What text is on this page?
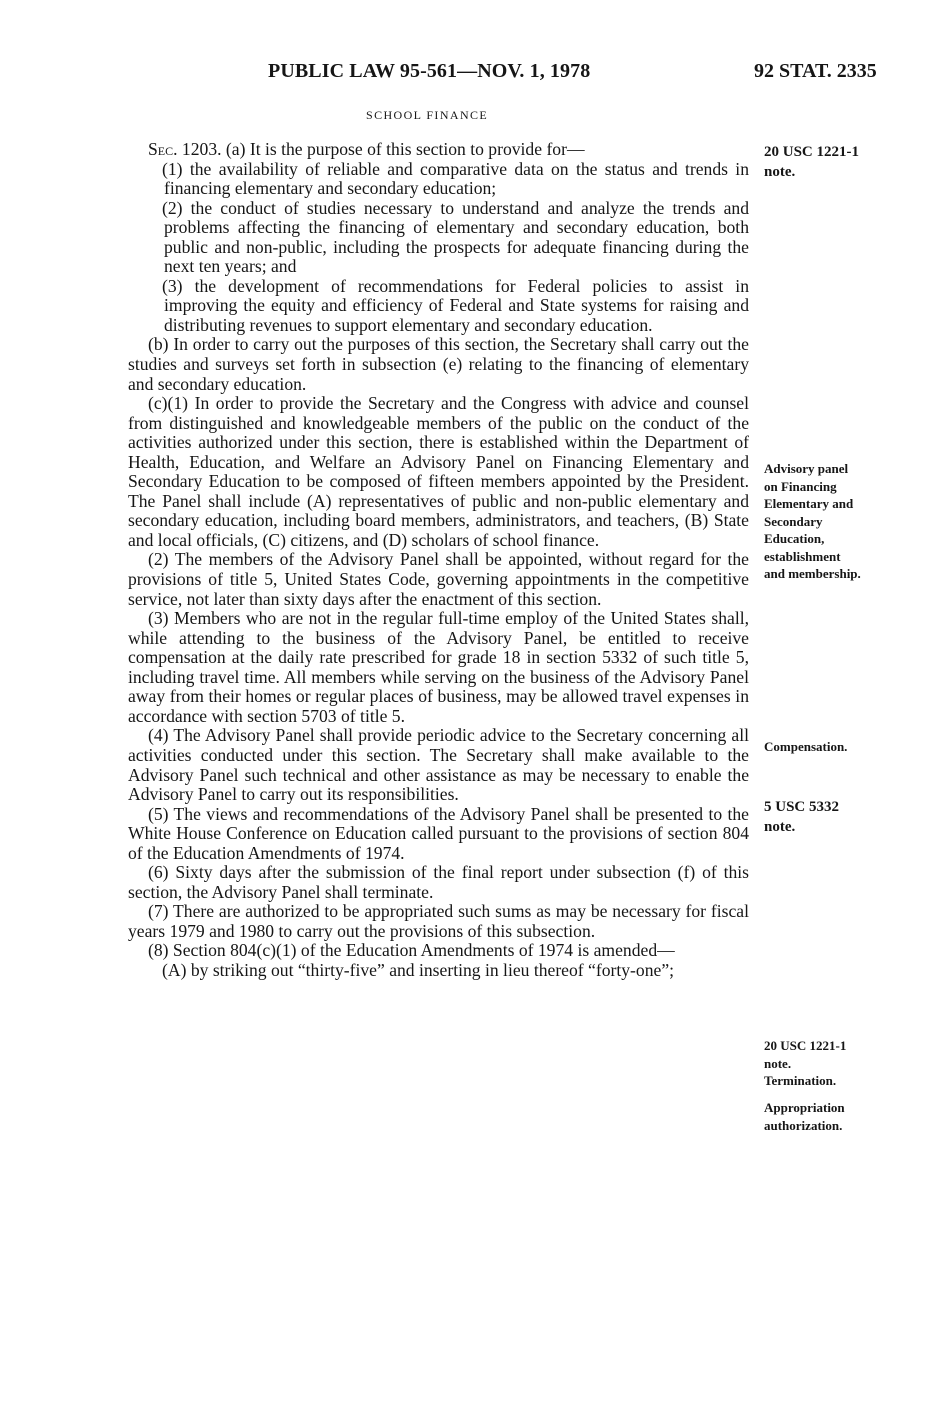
PUBLIC LAW 95-561—NOV. 1, 1978	92 STAT. 2335
SCHOOL FINANCE

Sec. 1203. (a) It is the purpose of this section to provide for—

(1) the availability of reliable and comparative data on the status and trends in financing elementary and secondary education;

(2) the conduct of studies necessary to understand and analyze the trends and problems affecting the financing of elementary and secondary education, both public and non-public, including the prospects for adequate financing during the next ten years; and

(3) the development of recommendations for Federal policies to assist in improving the equity and efficiency of Federal and State systems for raising and distributing revenues to support elementary and secondary education.

(b) In order to carry out the purposes of this section, the Secretary shall carry out the studies and surveys set forth in subsection (e) relating to the financing of elementary and secondary education.

(c)(1) In order to provide the Secretary and the Congress with advice and counsel from distinguished and knowledgeable members of the public on the conduct of the activities authorized under this section, there is established within the Department of Health, Education, and Welfare an Advisory Panel on Financing Elementary and Secondary Education to be composed of fifteen members appointed by the President. The Panel shall include (A) representatives of public and non-public elementary and secondary education, including board members, administrators, and teachers, (B) State and local officials, (C) citizens, and (D) scholars of school finance.

(2) The members of the Advisory Panel shall be appointed, without regard for the provisions of title 5, United States Code, governing appointments in the competitive service, not later than sixty days after the enactment of this section.

(3) Members who are not in the regular full-time employ of the United States shall, while attending to the business of the Advisory Panel, be entitled to receive compensation at the daily rate prescribed for grade 18 in section 5332 of such title 5, including travel time. All members while serving on the business of the Advisory Panel away from their homes or regular places of business, may be allowed travel expenses in accordance with section 5703 of title 5.

(4) The Advisory Panel shall provide periodic advice to the Secretary concerning all activities conducted under this section. The Secretary shall make available to the Advisory Panel such technical and other assistance as may be necessary to enable the Advisory Panel to carry out its responsibilities.

(5) The views and recommendations of the Advisory Panel shall be presented to the White House Conference on Education called pursuant to the provisions of section 804 of the Education Amendments of 1974.

(6) Sixty days after the submission of the final report under subsection (f) of this section, the Advisory Panel shall terminate.

(7) There are authorized to be appropriated such sums as may be necessary for fiscal years 1979 and 1980 to carry out the provisions of this subsection.

(8) Section 804(c)(1) of the Education Amendments of 1974 is amended—

(A) by striking out “thirty-five” and inserting in lieu thereof “forty-one”;

20 USC 1221-1
note.
Advisory panel
on Financing
Elementary and
Secondary
Education,
establishment
and membership.
Compensation.
5 USC 5332
note.
20 USC 1221-1
note.
Termination.
Appropriation
authorization.
